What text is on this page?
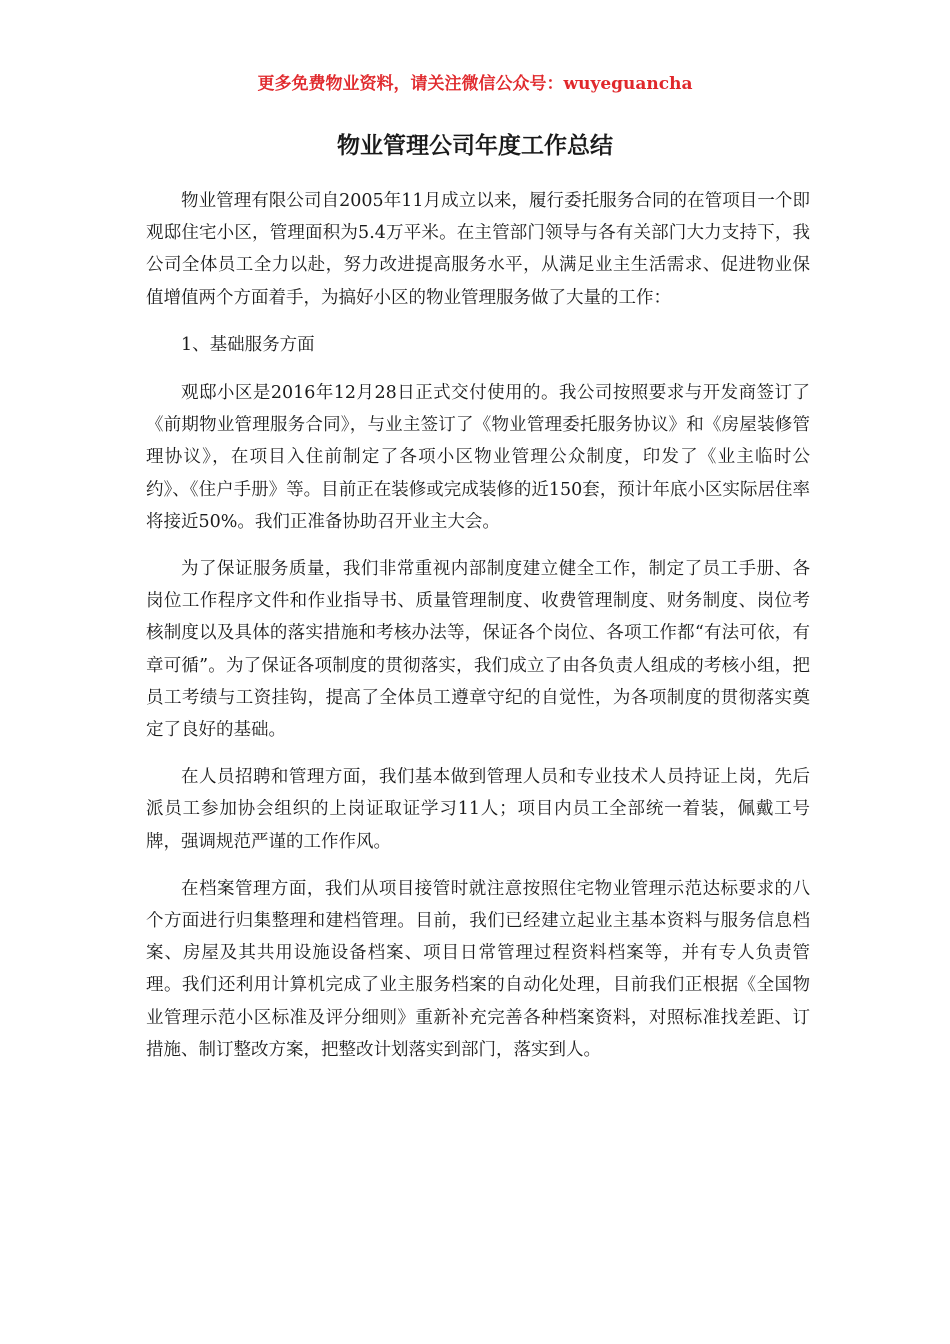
更多免费物业资料，请关注微信公众号：wuyeguancha
物业管理公司年度工作总结

物业管理有限公司自2005年11月成立以来，履行委托服务合同的在管项目一个即观邸住宅小区，管理面积为5.4万平米。在主管部门领导与各有关部门大力支持下，我公司全体员工全力以赴，努力改进提高服务水平，从满足业主生活需求、促进物业保值增值两个方面着手，为搞好小区的物业管理服务做了大量的工作：

1、基础服务方面

观邸小区是2016年12月28日正式交付使用的。我公司按照要求与开发商签订了《前期物业管理服务合同》，与业主签订了《物业管理委托服务协议》和《房屋装修管理协议》，在项目入住前制定了各项小区物业管理公众制度，印发了《业主临时公约》、《住户手册》等。目前正在装修或完成装修的近150套，预计年底小区实际居住率将接近50%。我们正准备协助召开业主大会。

为了保证服务质量，我们非常重视内部制度建立健全工作，制定了员工手册、各岗位工作程序文件和作业指导书、质量管理制度、收费管理制度、财务制度、岗位考核制度以及具体的落实措施和考核办法等，保证各个岗位、各项工作都“有法可依，有章可循”。为了保证各项制度的贯彻落实，我们成立了由各负责人组成的考核小组，把员工考绩与工资挂钩，提高了全体员工遵章守纪的自觉性，为各项制度的贯彻落实奠定了良好的基础。

在人员招聘和管理方面，我们基本做到管理人员和专业技术人员持证上岗，先后派员工参加协会组织的上岗证取证学习11人；项目内员工全部统一着装，佩戴工号牌，强调规范严谨的工作作风。

在档案管理方面，我们从项目接管时就注意按照住宅物业管理示范达标要求的八个方面进行归集整理和建档管理。目前，我们已经建立起业主基本资料与服务信息档案、房屋及其共用设施设备档案、项目日常管理过程资料档案等，并有专人负责管理。我们还利用计算机完成了业主服务档案的自动化处理，目前我们正根据《全国物业管理示范小区标准及评分细则》重新补充完善各种档案资料，对照标准找差距、订措施、制订整改方案，把整改计划落实到部门，落实到人。
